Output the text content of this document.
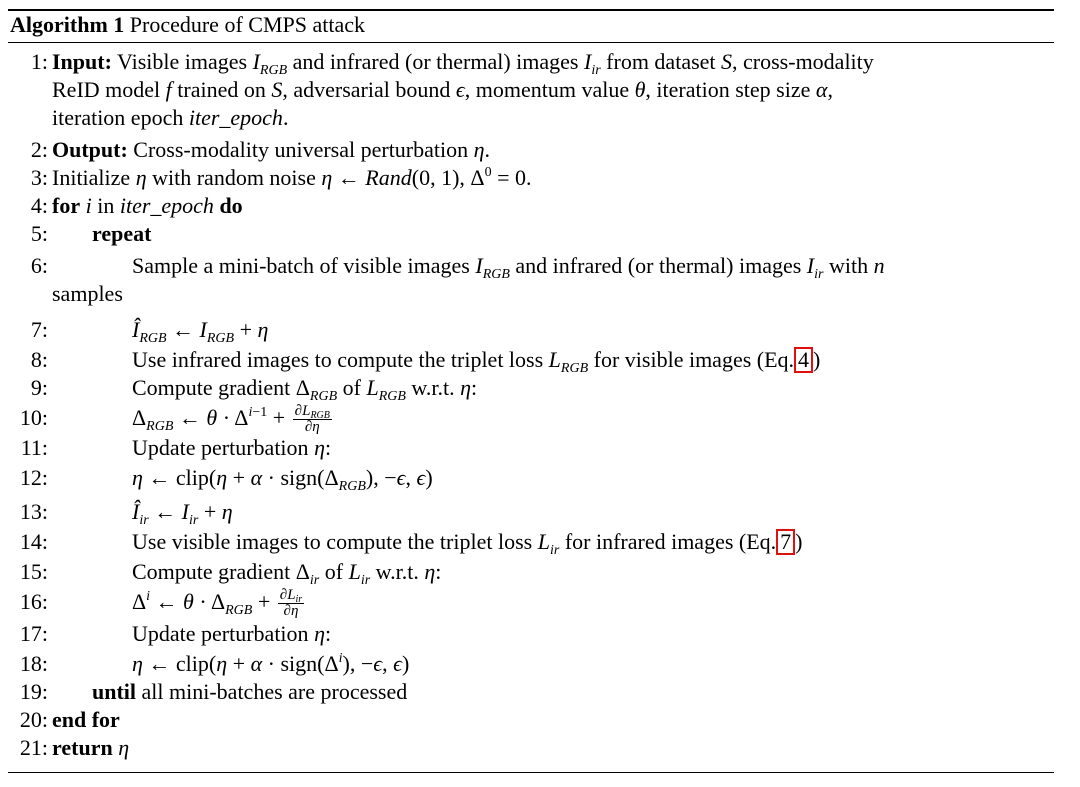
Algorithm 1 Procedure of CMPS attack
1: Input: Visible images $I_{RGB}$ and infrared (or thermal) images $I_{ir}$ from dataset S, cross-modality
ReID model f trained on S, adversarial bound ϵ, momentum value θ, iteration step size α,
iteration epoch iter_epoch.
2: Output: Cross-modality universal perturbation η.
3: Initialize η with random noise η ← Rand(0, 1), $\Delta^0 = 0$.
4: for i in iter_epoch do
5: repeat
6:	Sample a mini-batch of visible images $I_{RGB}$ and infrared (or thermal) images $I_{ir}$ with n
samples
7:	$Î_{RGB}$ ← $I_{RGB} + \eta$
8:	Use infrared images to compute the triplet loss $L_{RGB}$ for visible images (Eq. 4 )
9:	Compute gradient $\Delta_{RGB}$ of $L_{RGB}$ w.r.t. η:
10:	$\Delta_{RGB}$ ← $\theta \cdot \Delta^{i-1} + \frac{\partial L_{RGB}}{\partial\eta}$
11:	Update perturbation η:
12:	η ← clip(η + $\alpha \cdot sign(\Delta_{RGB})$, −ϵ, ϵ)
13:	$Î_{ir}$ ← $I_{ir} + \eta$
14:	Use visible images to compute the triplet loss $L_{ir}$ for infrared images (Eq. 7 )
15:	Compute gradient $\Delta_{ir}$ of $L_{ir}$ w.r.t. η:
16:	$\Delta^i$ ← $\theta \cdot \Delta_{RGB} + \frac{\partial L_{ir}}{\partial\eta}$
17:	Update perturbation η:
18:	η ← clip(η + $\alpha \cdot sign(\Delta^i)$, −ϵ, ϵ)
19: until all mini-batches are processed
20: end for
21: return η
